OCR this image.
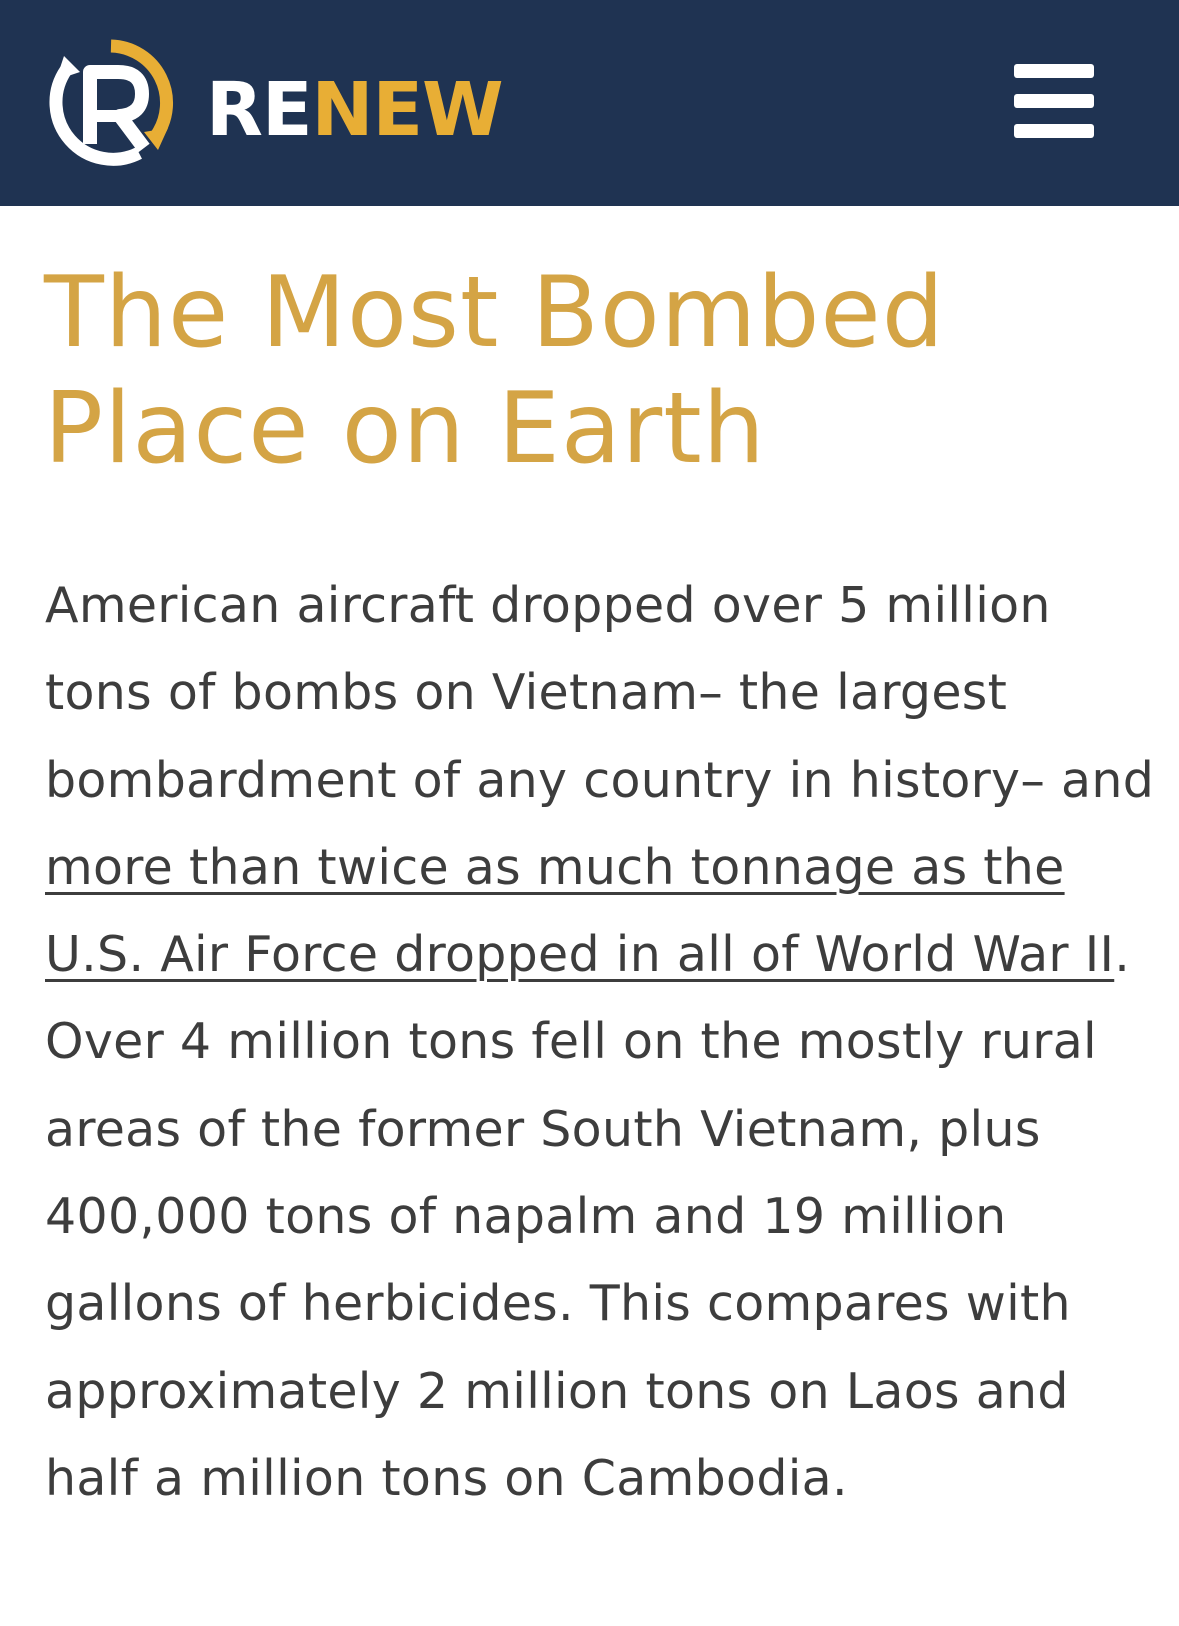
RENEW
The Most Bombed
Place on Earth

American aircraft dropped over 5 million tons of bombs on Vietnam– the largest bombardment of any country in history– and more than twice as much tonnage as the U.S. Air Force dropped in all of World War II. Over 4 million tons fell on the mostly rural areas of the former South Vietnam, plus 400,000 tons of napalm and 19 million gallons of herbicides. This compares with approximately 2 million tons on Laos and half a million tons on Cambodia.
